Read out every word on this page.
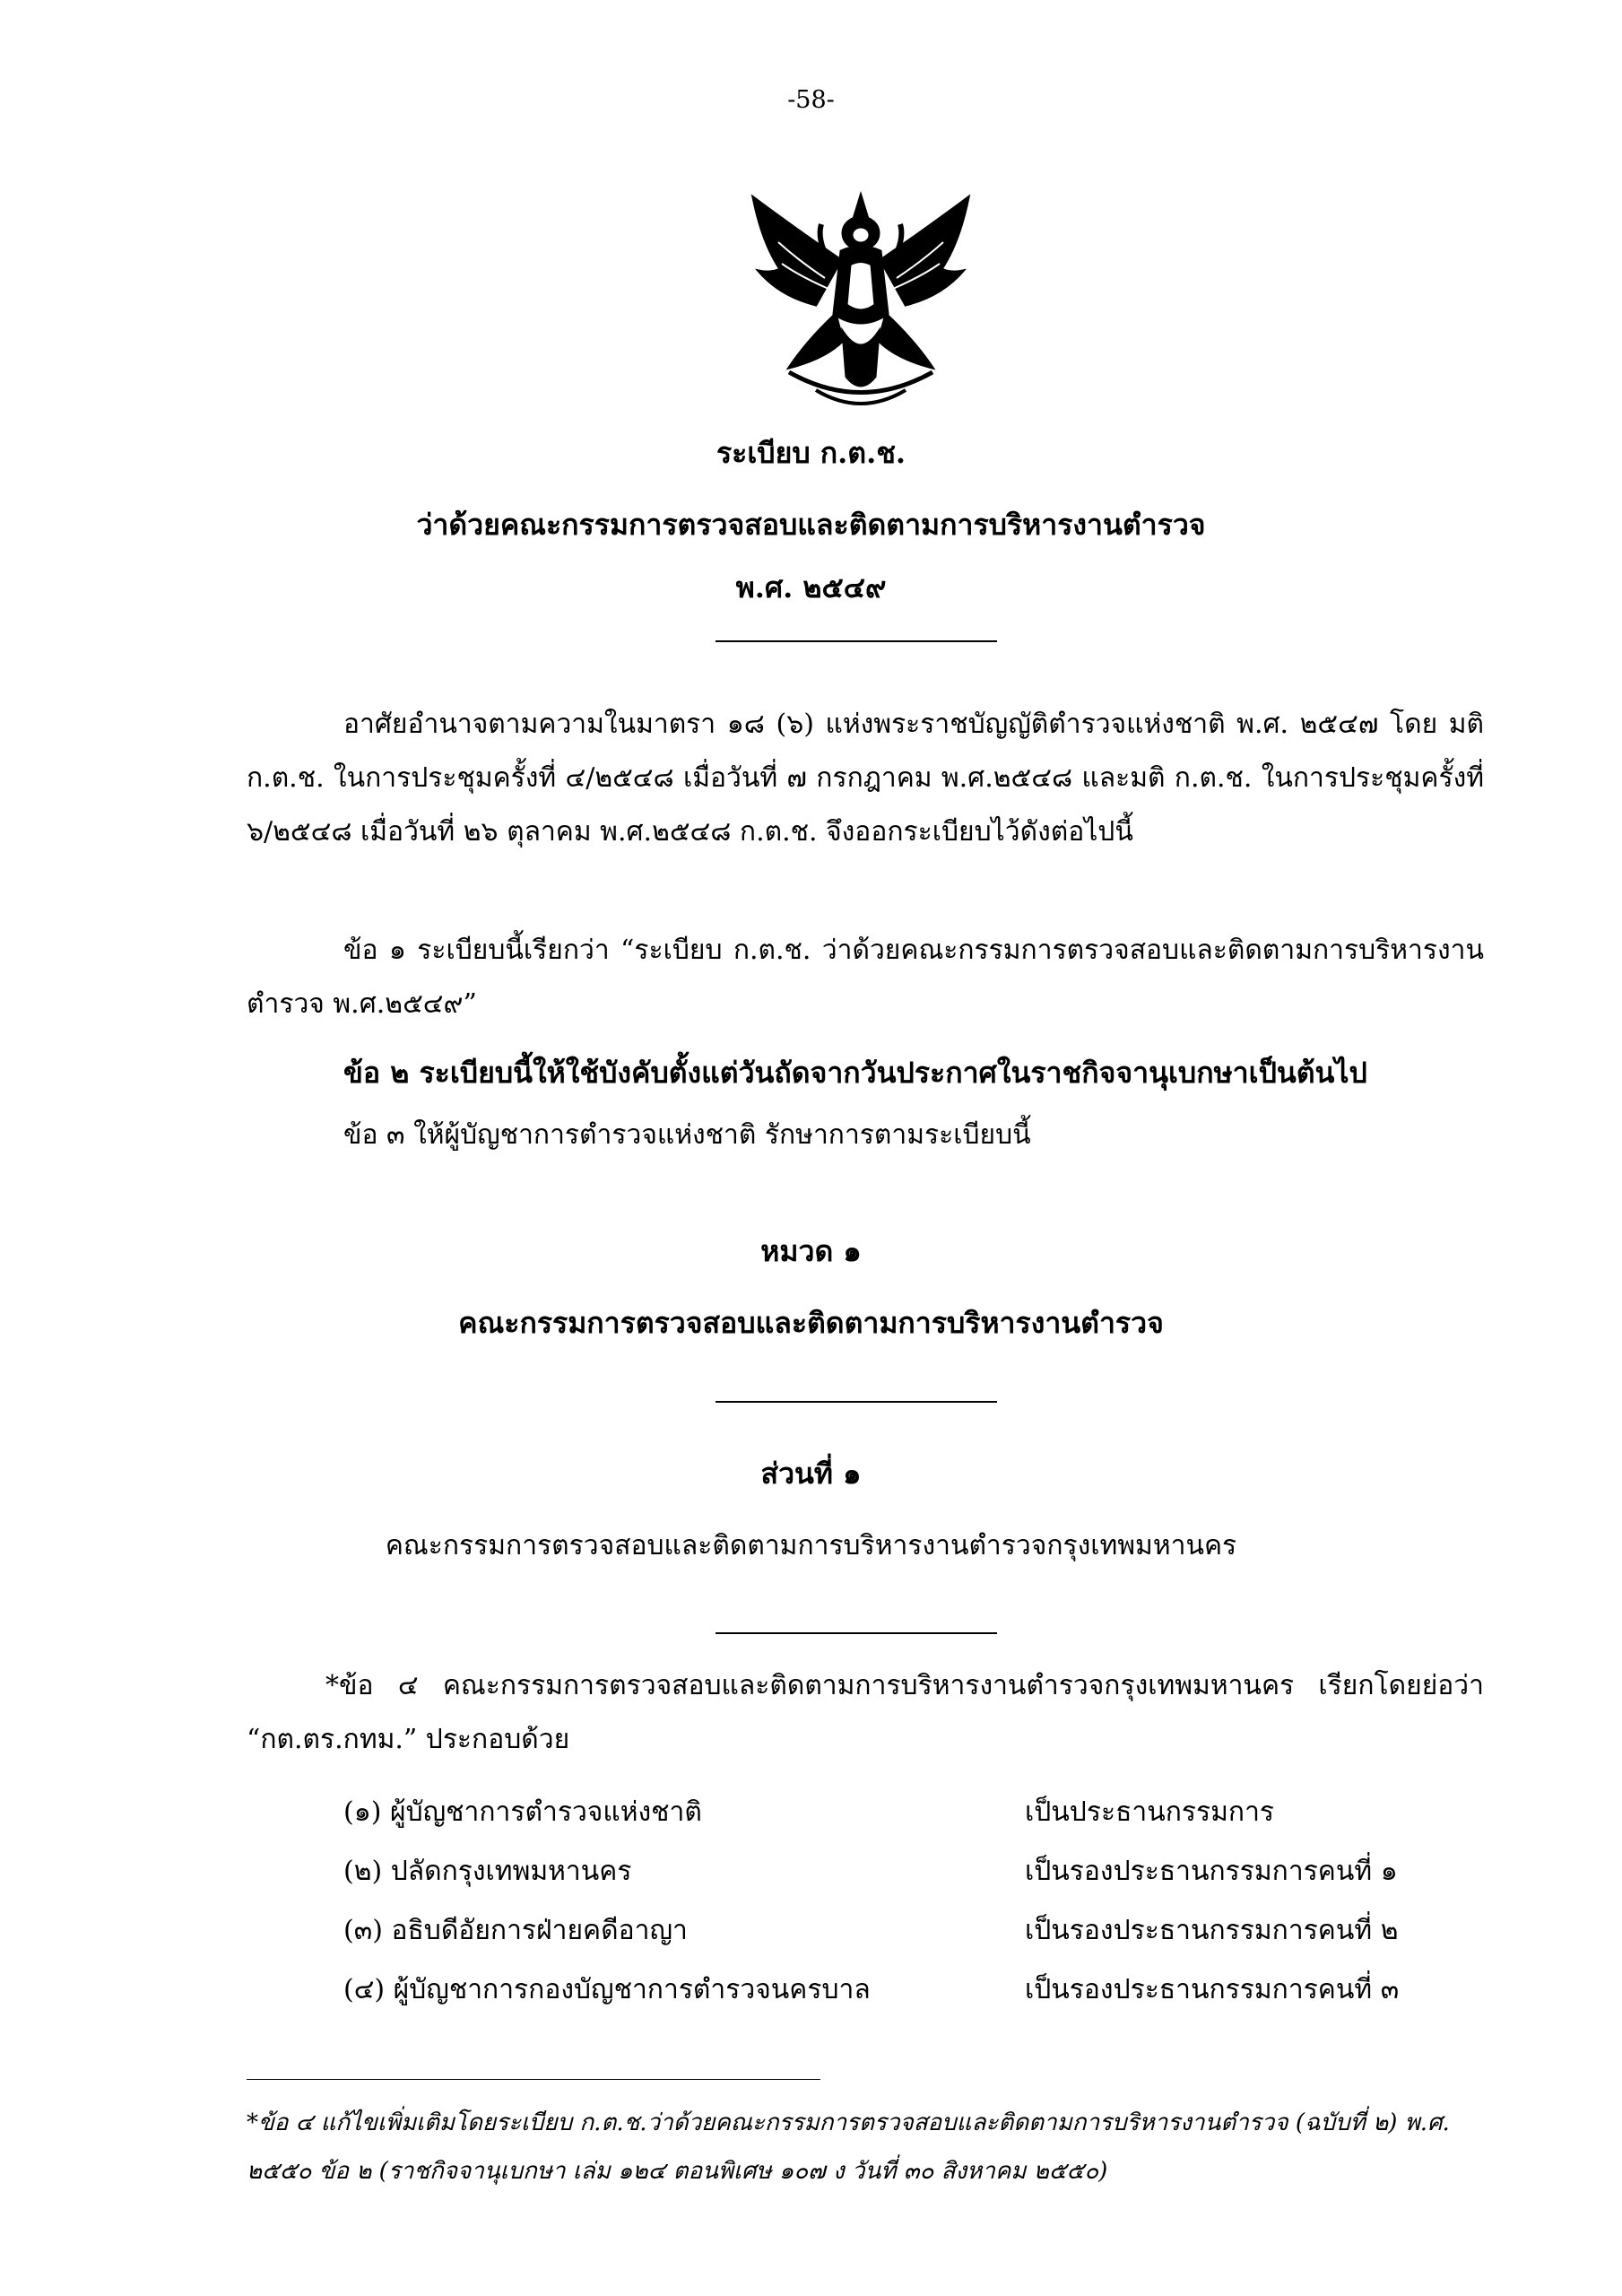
-58-
ระเบียบ ก.ต.ช.
ว่าด้วยคณะกรรมการตรวจสอบและติดตามการบริหารงานตำรวจ
พ.ศ. ๒๕๔๙
อาศัยอำนาจตามความในมาตรา ๑๘ (๖) แห่งพระราชบัญญัติตำรวจแห่งชาติ พ.ศ. ๒๕๔๗ โดย มติ ก.ต.ช. ในการประชุมครั้งที่ ๔/๒๕๔๘ เมื่อวันที่ ๗ กรกฎาคม พ.ศ.๒๕๔๘ และมติ ก.ต.ช. ในการประชุมครั้งที่ ๖/๒๕๔๘ เมื่อวันที่ ๒๖ ตุลาคม พ.ศ.๒๕๔๘ ก.ต.ช. จึงออกระเบียบไว้ดังต่อไปนี้
ข้อ ๑ ระเบียบนี้เรียกว่า “ระเบียบ ก.ต.ช. ว่าด้วยคณะกรรมการตรวจสอบและติดตามการบริหารงานตำรวจ พ.ศ.๒๕๔๙”
ข้อ ๒ ระเบียบนี้ให้ใช้บังคับตั้งแต่วันถัดจากวันประกาศในราชกิจจานุเบกษาเป็นต้นไป
ข้อ ๓ ให้ผู้บัญชาการตำรวจแห่งชาติ รักษาการตามระเบียบนี้
หมวด ๑
คณะกรรมการตรวจสอบและติดตามการบริหารงานตำรวจ
ส่วนที่ ๑
คณะกรรมการตรวจสอบและติดตามการบริหารงานตำรวจกรุงเทพมหานคร
*ข้อ ๔ คณะกรรมการตรวจสอบและติดตามการบริหารงานตำรวจกรุงเทพมหานคร เรียกโดยย่อว่า “กต.ตร.กทม.” ประกอบด้วย
(๑) ผู้บัญชาการตำรวจแห่งชาติ	เป็นประธานกรรมการ
(๒) ปลัดกรุงเทพมหานคร	เป็นรองประธานกรรมการคนที่ ๑
(๓) อธิบดีอัยการฝ่ายคดีอาญา	เป็นรองประธานกรรมการคนที่ ๒
(๔) ผู้บัญชาการกองบัญชาการตำรวจนครบาล	เป็นรองประธานกรรมการคนที่ ๓
*ข้อ ๔ แก้ไขเพิ่มเติมโดยระเบียบ ก.ต.ช.ว่าด้วยคณะกรรมการตรวจสอบและติดตามการบริหารงานตำรวจ (ฉบับที่ ๒) พ.ศ. ๒๕๕๐ ข้อ ๒ (ราชกิจจานุเบกษา เล่ม ๑๒๔ ตอนพิเศษ ๑๐๗ ง วันที่ ๓๐ สิงหาคม ๒๕๕๐)
